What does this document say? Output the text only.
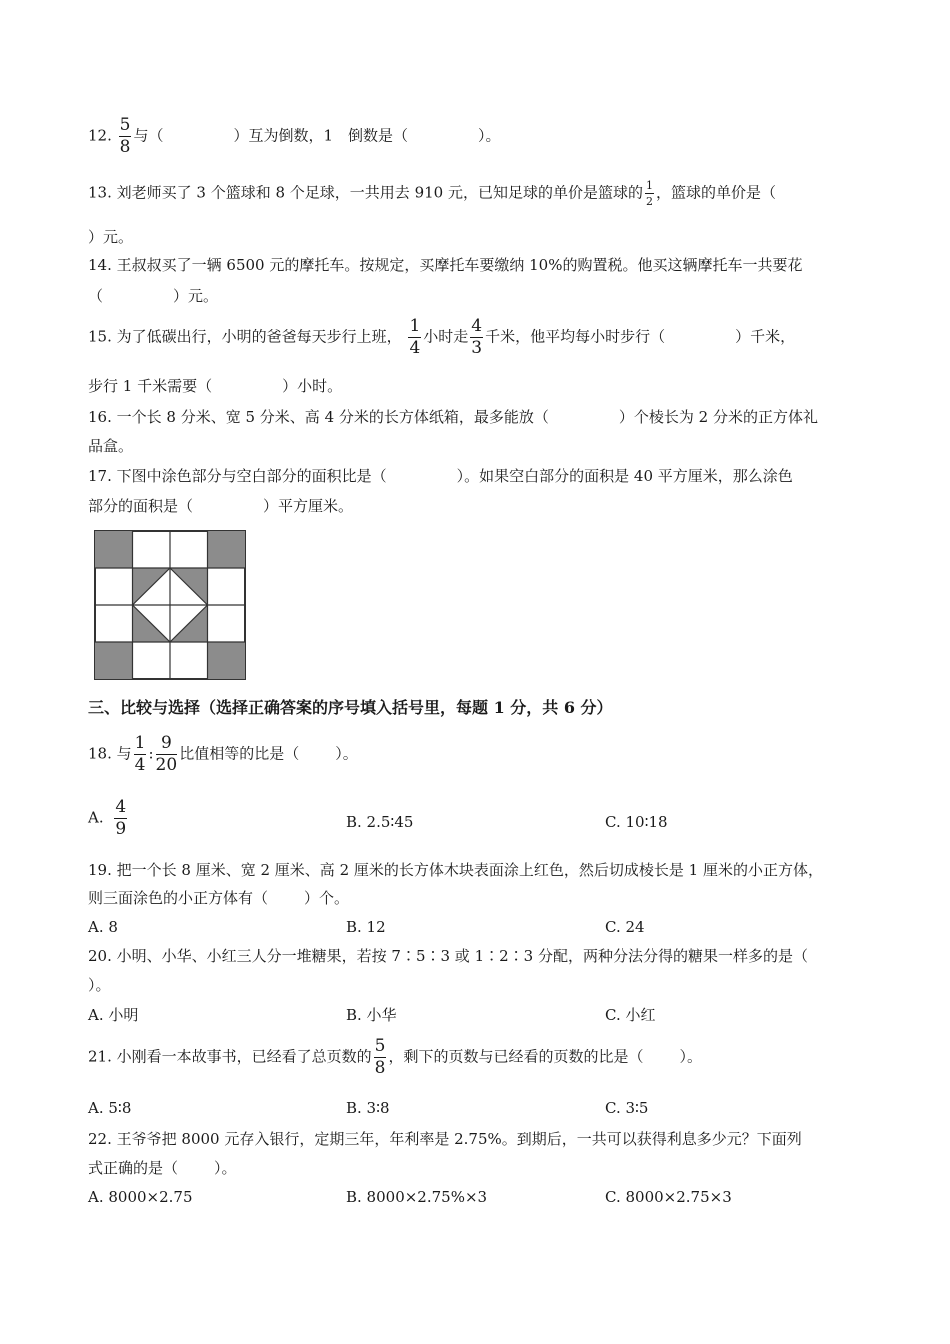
12. $\frac{5}{8}$ 与（	）互为倒数，1　倒数是（	）。
13. 刘老师买了 3 个篮球和 8 个足球，一共用去 910 元，已知足球的单价是篮球的 $\frac{1}{2}$ ，篮球的单价是（
）元。
14. 王叔叔买了一辆 6500 元的摩托车。按规定，买摩托车要缴纳 10%的购置税。他买这辆摩托车一共要花
（	）元。
15. 为了低碳出行，小明的爸爸每天步行上班， $\frac{1}{4}$ 小时走 $\frac{4}{3}$ 千米，他平均每小时步行（	）千米，
步行 1 千米需要（	）小时。
16. 一个长 8 分米、宽 5 分米、高 4 分米的长方体纸箱，最多能放（	）个棱长为 2 分米的正方体礼
品盒。
17. 下图中涂色部分与空白部分的面积比是（	）。如果空白部分的面积是 40 平方厘米，那么涂色
部分的面积是（	）平方厘米。
三、比较与选择（选择正确答案的序号填入括号里，每题 1 分，共 6 分）
18. 与 $\frac{1}{4}$ : $\frac{9}{20}$ 比值相等的比是（ ）。
A. $\frac{4}{9}$	B. 2.5∶45	C. 10∶18
19. 把一个长 8 厘米、宽 2 厘米、高 2 厘米的长方体木块表面涂上红色，然后切成棱长是 1 厘米的小正方体，
则三面涂色的小正方体有（ ）个。
A. 8	B. 12	C. 24
20. 小明、小华、小红三人分一堆糖果，若按 7∶5∶3 或 1∶2∶3 分配，两种分法分得的糖果一样多的是（
）。
A. 小明	B. 小华	C. 小红
21. 小刚看一本故事书，已经看了总页数的 $\frac{5}{8}$ ，剩下的页数与已经看的页数的比是（ ）。
A. 5∶8	B. 3∶8	C. 3∶5
22. 王爷爷把 8000 元存入银行，定期三年，年利率是 2.75%。到期后，一共可以获得利息多少元？下面列
式正确的是（ ）。
A. 8000×2.75	B. 8000×2.75%×3	C. 8000×2.75×3
